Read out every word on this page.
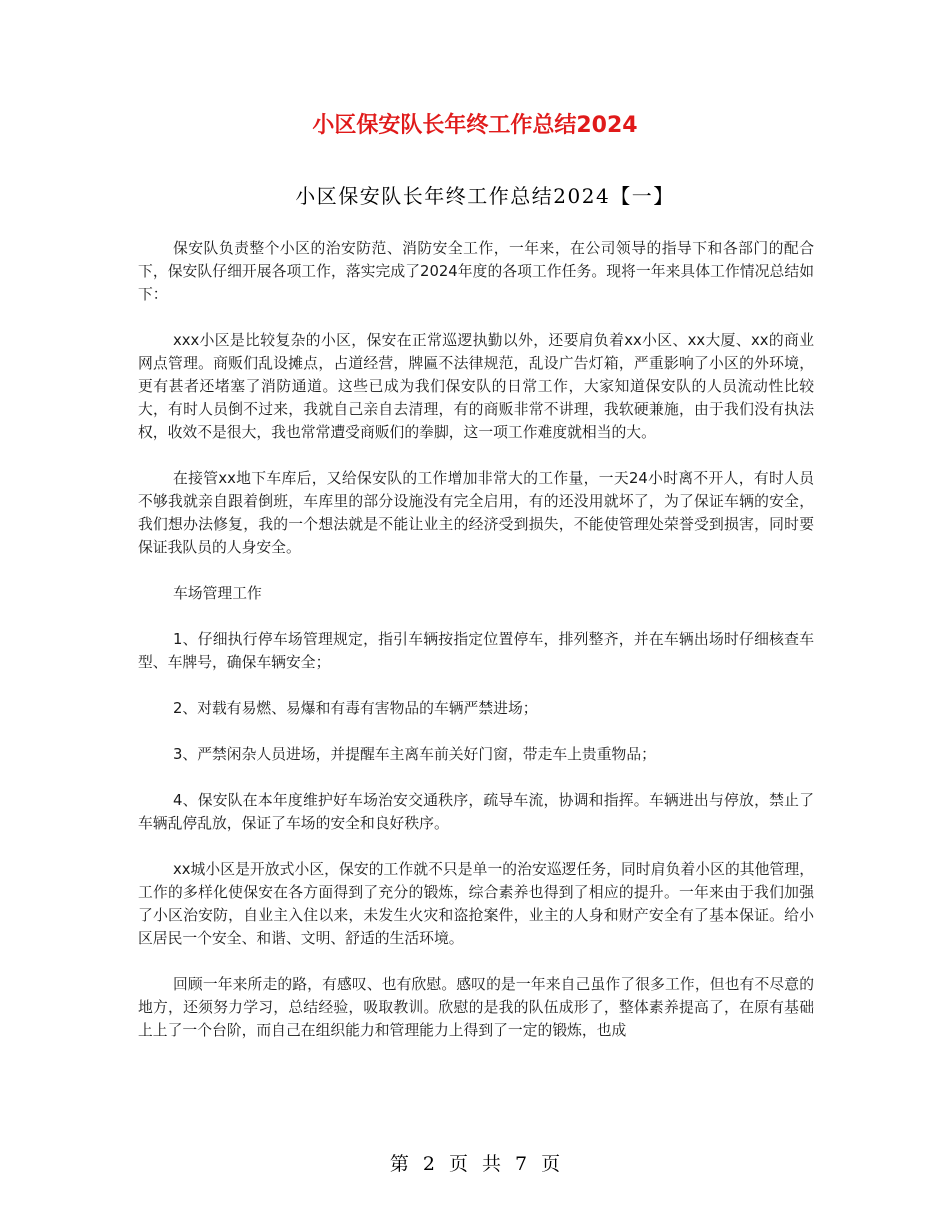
小区保安队长年终工作总结2024
小区保安队长年终工作总结2024【一】

保安队负责整个小区的治安防范、消防安全工作，一年来，在公司领导的指导下和各部门的配合下，保安队仔细开展各项工作，落实完成了2024年度的各项工作任务。现将一年来具体工作情况总结如下：

xxx小区是比较复杂的小区，保安在正常巡逻执勤以外，还要肩负着xx小区、xx大厦、xx的商业网点管理。商贩们乱设摊点，占道经营，牌匾不法律规范，乱设广告灯箱，严重影响了小区的外环境，更有甚者还堵塞了消防通道。这些已成为我们保安队的日常工作，大家知道保安队的人员流动性比较大，有时人员倒不过来，我就自己亲自去清理，有的商贩非常不讲理，我软硬兼施，由于我们没有执法权，收效不是很大，我也常常遭受商贩们的拳脚，这一项工作难度就相当的大。

在接管xx地下车库后，又给保安队的工作增加非常大的工作量，一天24小时离不开人，有时人员不够我就亲自跟着倒班，车库里的部分设施没有完全启用，有的还没用就坏了，为了保证车辆的安全，我们想办法修复，我的一个想法就是不能让业主的经济受到损失，不能使管理处荣誉受到损害，同时要保证我队员的人身安全。

车场管理工作

1、仔细执行停车场管理规定，指引车辆按指定位置停车，排列整齐，并在车辆出场时仔细核查车型、车牌号，确保车辆安全；

2、对载有易燃、易爆和有毒有害物品的车辆严禁进场；

3、严禁闲杂人员进场，并提醒车主离车前关好门窗，带走车上贵重物品；

4、保安队在本年度维护好车场治安交通秩序，疏导车流，协调和指挥。车辆进出与停放，禁止了车辆乱停乱放，保证了车场的安全和良好秩序。

xx城小区是开放式小区，保安的工作就不只是单一的治安巡逻任务，同时肩负着小区的其他管理，工作的多样化使保安在各方面得到了充分的锻炼，综合素养也得到了相应的提升。一年来由于我们加强了小区治安防，自业主入住以来，未发生火灾和盗抢案件，业主的人身和财产安全有了基本保证。给小区居民一个安全、和谐、文明、舒适的生活环境。

回顾一年来所走的路，有感叹、也有欣慰。感叹的是一年来自己虽作了很多工作，但也有不尽意的地方，还须努力学习，总结经验，吸取教训。欣慰的是我的队伍成形了，整体素养提高了，在原有基础上上了一个台阶，而自己在组织能力和管理能力上得到了一定的锻炼，也成

第 2 页 共 7 页
